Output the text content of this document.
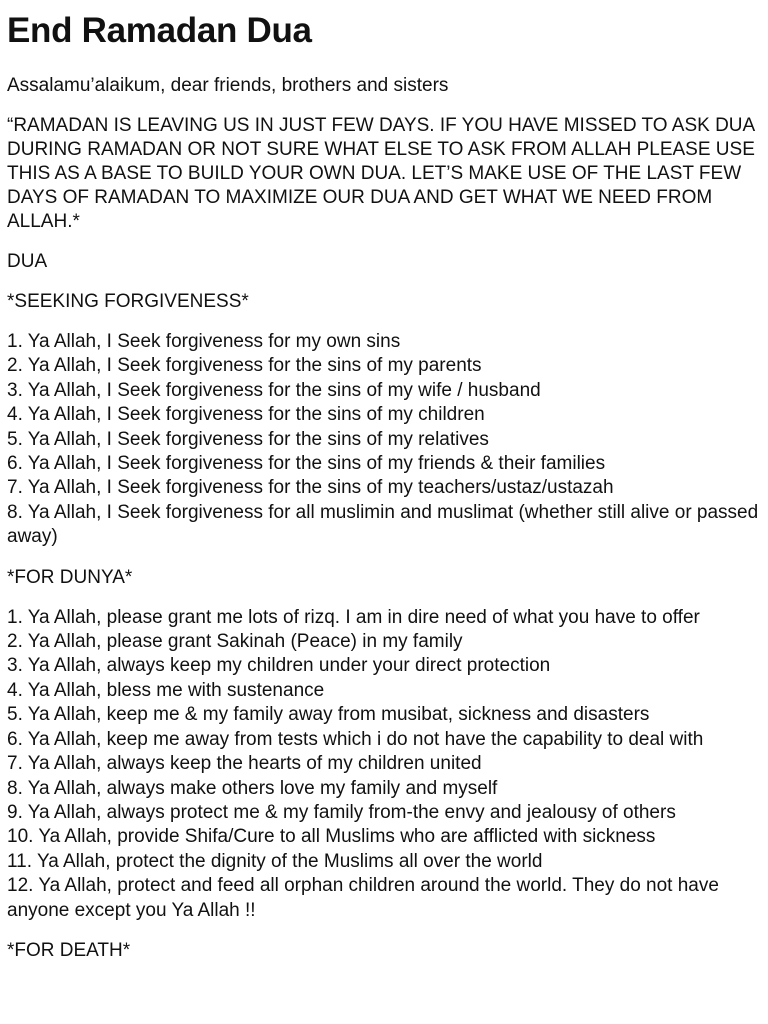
End Ramadan Dua

Assalamu’alaikum, dear friends, brothers and sisters

“RAMADAN IS LEAVING US IN JUST FEW DAYS. IF YOU HAVE MISSED TO ASK DUA DURING RAMADAN OR NOT SURE WHAT ELSE TO ASK FROM ALLAH PLEASE USE THIS AS A BASE TO BUILD YOUR OWN DUA. LET’S MAKE USE OF THE LAST FEW DAYS OF RAMADAN TO MAXIMIZE OUR DUA AND GET WHAT WE NEED FROM ALLAH.*

DUA

*SEEKING FORGIVENESS*

1. Ya Allah, I Seek forgiveness for my own sins
2. Ya Allah, I Seek forgiveness for the sins of my parents
3. Ya Allah, I Seek forgiveness for the sins of my wife / husband
4. Ya Allah, I Seek forgiveness for the sins of my children
5. Ya Allah, I Seek forgiveness for the sins of my relatives
6. Ya Allah, I Seek forgiveness for the sins of my friends & their families
7. Ya Allah, I Seek forgiveness for the sins of my teachers/ustaz/ustazah
8. Ya Allah, I Seek forgiveness for all muslimin and muslimat (whether still alive or passed away)

*FOR DUNYA*

1. Ya Allah, please grant me lots of rizq. I am in dire need of what you have to offer
2. Ya Allah, please grant Sakinah (Peace) in my family
3. Ya Allah, always keep my children under your direct protection
4. Ya Allah, bless me with sustenance
5. Ya Allah, keep me & my family away from musibat, sickness and disasters
6. Ya Allah, keep me away from tests which i do not have the capability to deal with
7. Ya Allah, always keep the hearts of my children united
8. Ya Allah, always make others love my family and myself
9. Ya Allah, always protect me & my family from-the envy and jealousy of others
10. Ya Allah, provide Shifa/Cure to all Muslims who are afflicted with sickness
11. Ya Allah, protect the dignity of the Muslims all over the world
12. Ya Allah, protect and feed all orphan children around the world. They do not have anyone except you Ya Allah !!

*FOR DEATH*
